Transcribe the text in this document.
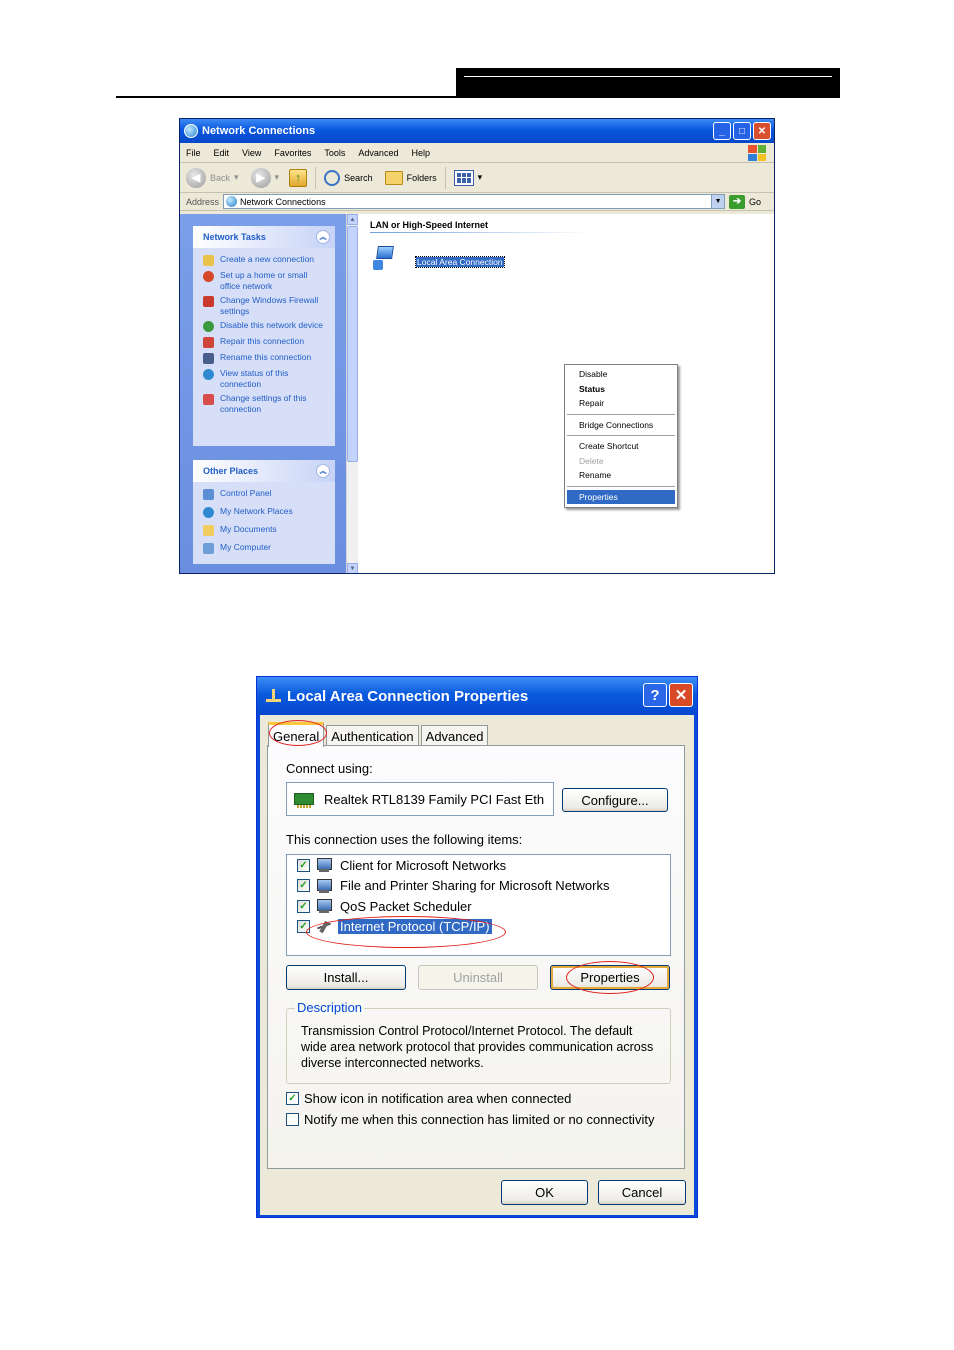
Network Connections	_ □ ✕
File Edit View Favorites Tools Advanced Help
◀ Back ▾ ▶ ▾ ↑	Search	Folders	▾
Address Network Connections	▼	➔ Go
Network Tasks	︽
Create a new connection
Set up a home or small office network
Change Windows Firewall settings
Disable this network device
Repair this connection
Rename this connection
View status of this connection
Change settings of this connection
Other Places	︽
Control Panel
My Network Places
My Documents
My Computer
▲
▼
LAN or High-Speed Internet
Local Area Connection
Disable
Status
Repair
Bridge Connections
Create Shortcut
Delete
Rename
Properties
Local Area Connection Properties	? ✕
General Authentication Advanced
Connect using:
Realtek RTL8139 Family PCI Fast Eth	Configure...
This connection uses the following items:
✓ Client for Microsoft Networks
✓ File and Printer Sharing for Microsoft Networks
✓ QoS Packet Scheduler
✓ Internet Protocol (TCP/IP)
Install...	Uninstall	Properties
Description
Transmission Control Protocol/Internet Protocol. The default wide area network protocol that provides communication across diverse interconnected networks.
✓ Show icon in notification area when connected
Notify me when this connection has limited or no connectivity
OK	Cancel
